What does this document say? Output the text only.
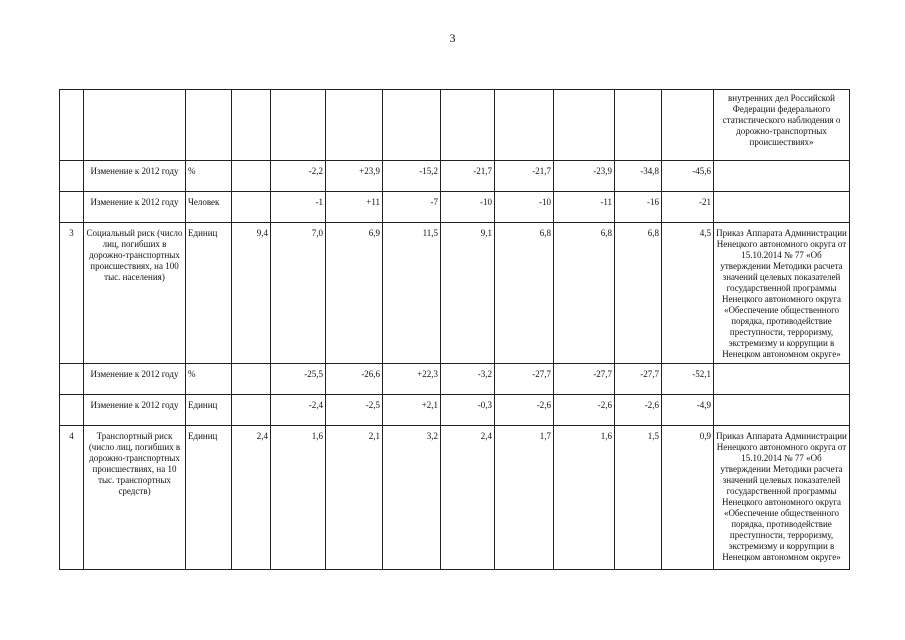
3
												внутренних дел Российской Федерации федерального статистического наблюдения о дорожно-транспортных происшествиях»
	Изменение к 2012 году	%		-2,2	+23,9	-15,2	-21,7	-21,7	-23,9	-34,8	-45,6	
	Изменение к 2012 году	Человек		-1	+11	-7	-10	-10	-11	-16	-21	
3	Социальный риск (число лиц, погибших в дорожно-транспортных происшествиях, на 100 тыс. населения)	Единиц	9,4	7,0	6,9	11,5	9,1	6,8	6,8	6,8	4,5	Приказ Аппарата Администрации Ненецкого автономного округа от 15.10.2014 № 77 «Об утверждении Методики расчета значений целевых показателей государственной программы Ненецкого автономного округа «Обеспечение общественного порядка, противодействие преступности, терроризму, экстремизму и коррупции в Ненецком автономном округе»
	Изменение к 2012 году	%		-25,5	-26,6	+22,3	-3,2	-27,7	-27,7	-27,7	-52,1	
	Изменение к 2012 году	Единиц		-2,4	-2,5	+2,1	-0,3	-2,6	-2,6	-2,6	-4,9	
4	Транспортный риск (число лиц, погибших в дорожно-транспортных происшествиях, на 10 тыс. транспортных средств)	Единиц	2,4	1,6	2,1	3,2	2,4	1,7	1,6	1,5	0,9	Приказ Аппарата Администрации Ненецкого автономного округа от 15.10.2014 № 77 «Об утверждении Методики расчета значений целевых показателей государственной программы Ненецкого автономного округа «Обеспечение общественного порядка, противодействие преступности, терроризму, экстремизму и коррупции в Ненецком автономном округе»
